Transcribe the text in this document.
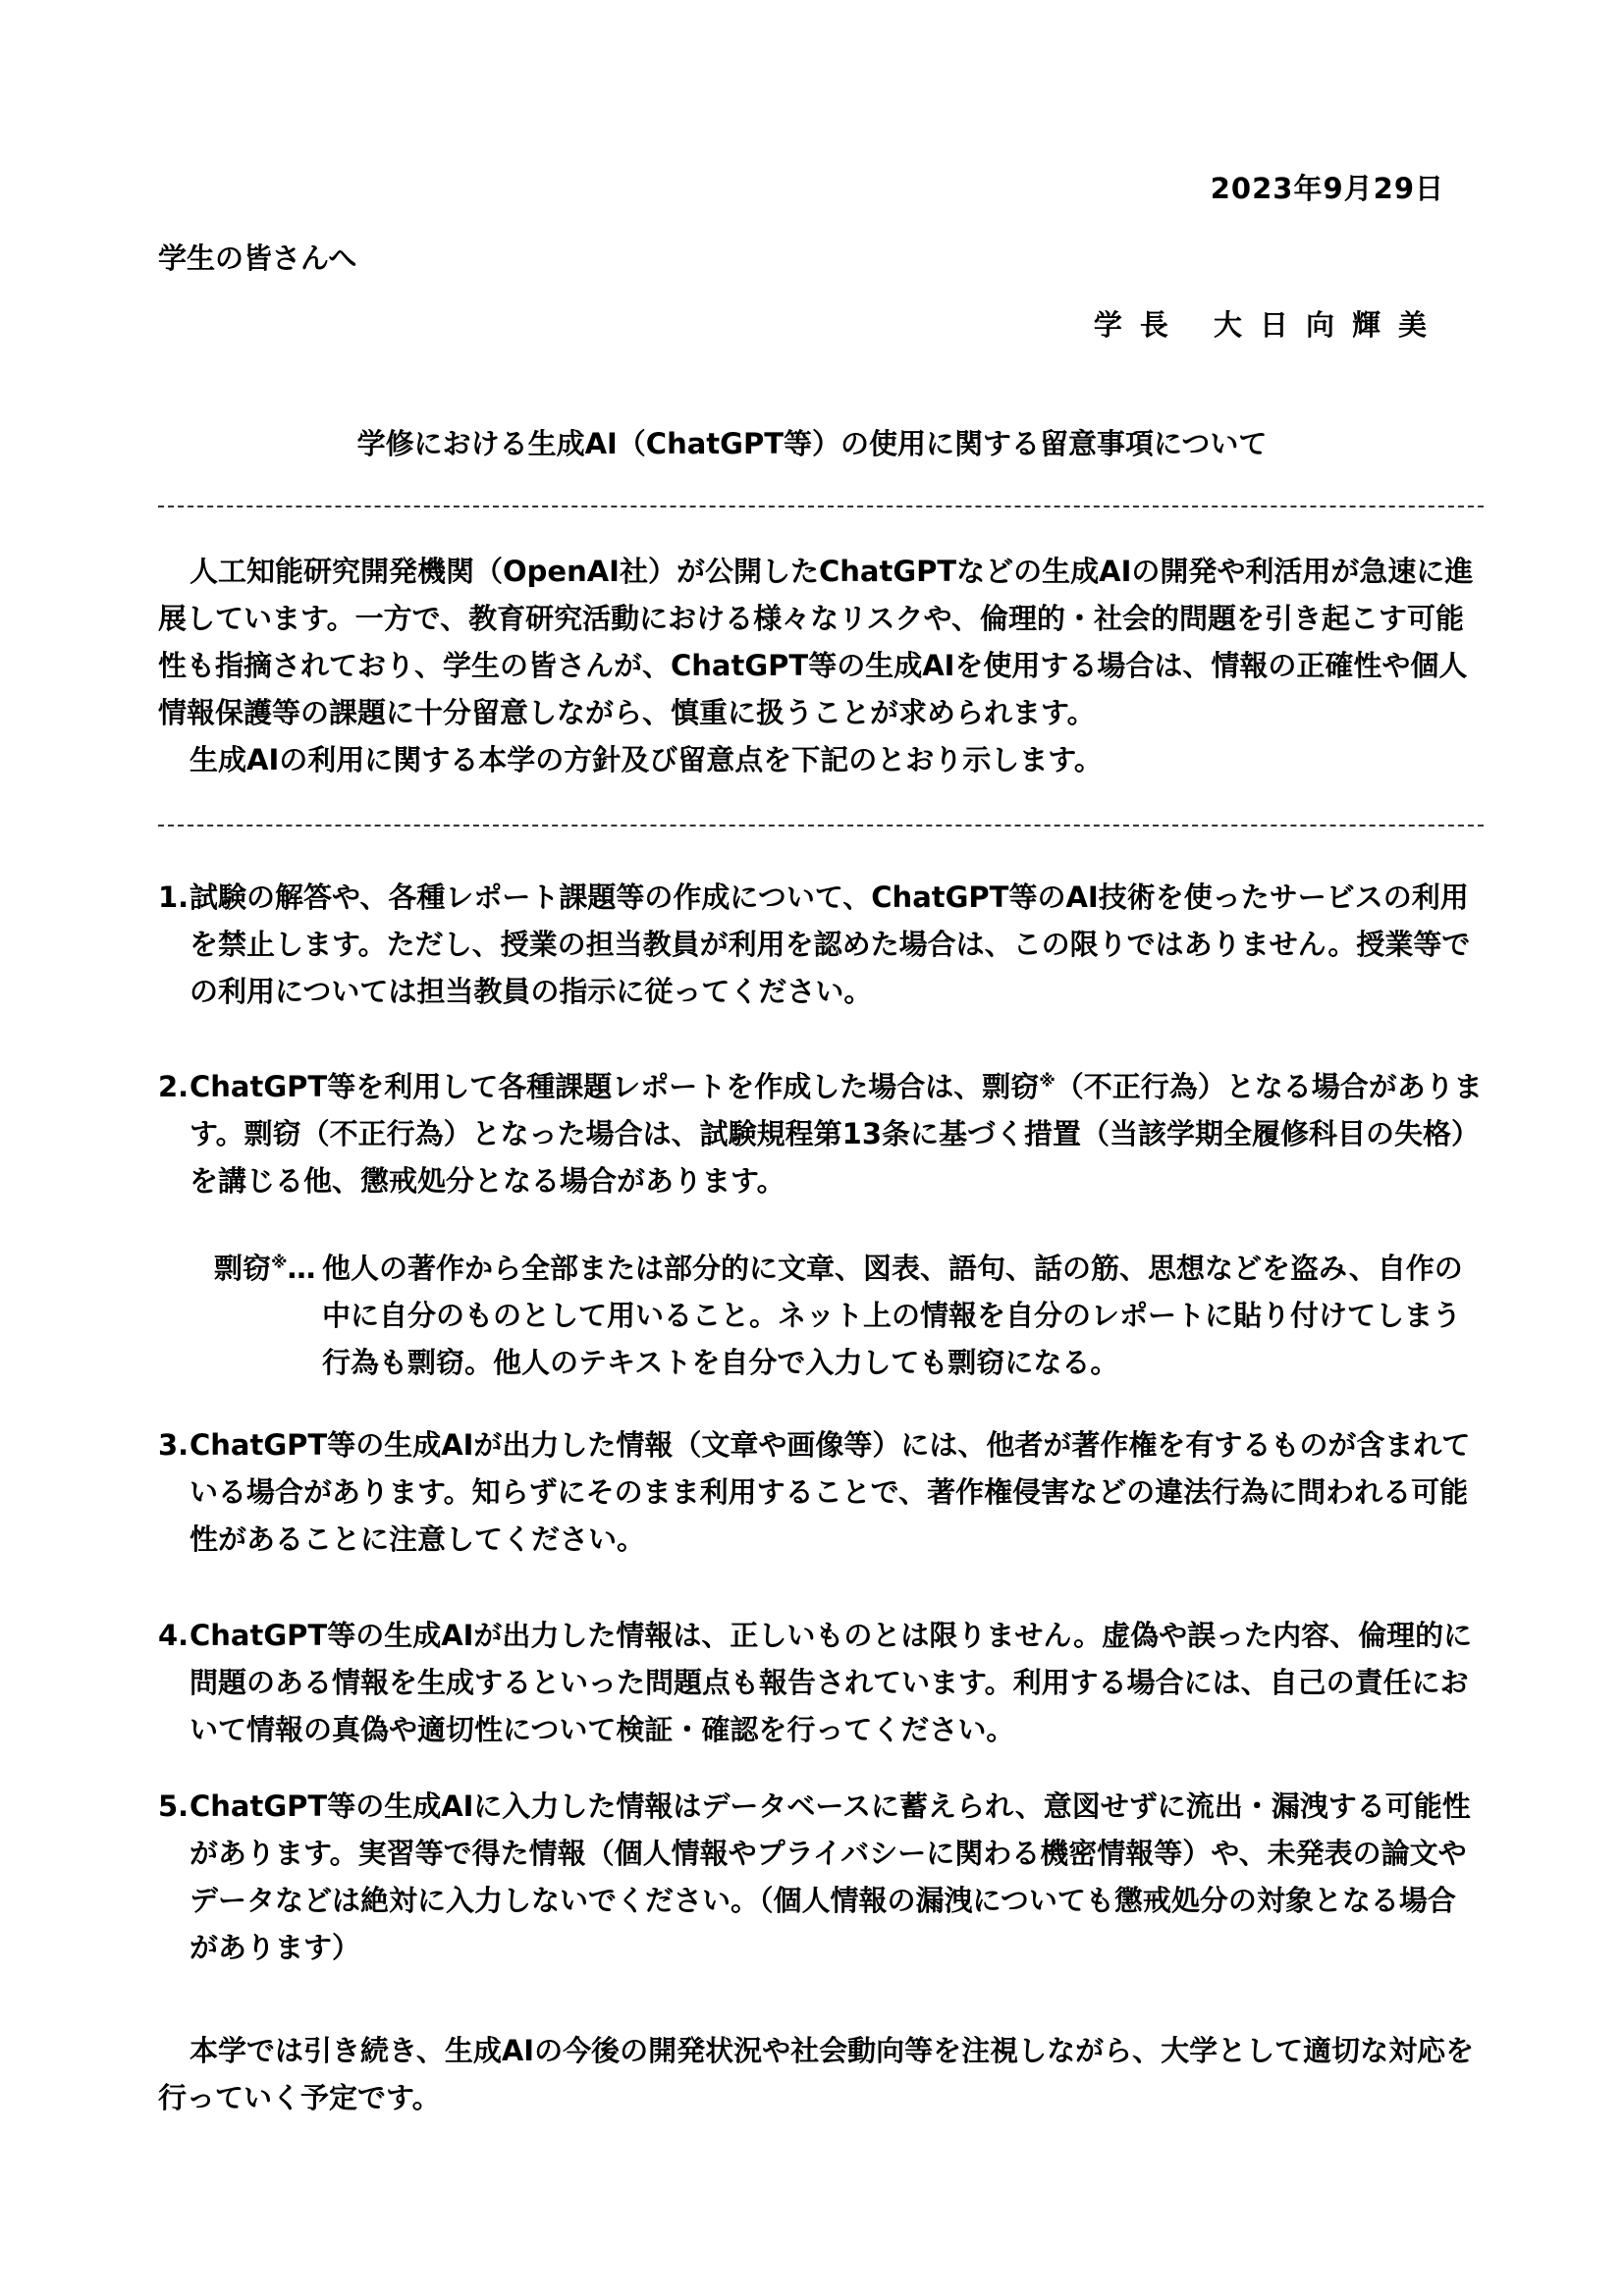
2023年9月29日
学生の皆さんへ
学長 大日向輝美
学修における生成AI（ChatGPT等）の使用に関する留意事項について

人工知能研究開発機関（OpenAI社）が公開したChatGPTなどの生成AIの開発や利活用が急速に進展しています。一方で、教育研究活動における様々なリスクや、倫理的・社会的問題を引き起こす可能性も指摘されており、学生の皆さんが、ChatGPT等の生成AIを使用する場合は、情報の正確性や個人情報保護等の課題に十分留意しながら、慎重に扱うことが求められます。

生成AIの利用に関する本学の方針及び留意点を下記のとおり示します。

1. 試験の解答や、各種レポート課題等の作成について、ChatGPT等のAI技術を使ったサービスの利用を禁止します。ただし、授業の担当教員が利用を認めた場合は、この限りではありません。授業等での利用については担当教員の指示に従ってください。
2. ChatGPT等を利用して各種課題レポートを作成した場合は、剽窃※（不正行為）となる場合があります。剽窃（不正行為）となった場合は、試験規程第13条に基づく措置（当該学期全履修科目の失格）を講じる他、懲戒処分となる場合があります。
剽窃※… 他人の著作から全部または部分的に文章、図表、語句、話の筋、思想などを盗み、自作の中に自分のものとして用いること。ネット上の情報を自分のレポートに貼り付けてしまう行為も剽窃。他人のテキストを自分で入力しても剽窃になる。
3. ChatGPT等の生成AIが出力した情報（文章や画像等）には、他者が著作権を有するものが含まれている場合があります。知らずにそのまま利用することで、著作権侵害などの違法行為に問われる可能性があることに注意してください。
4. ChatGPT等の生成AIが出力した情報は、正しいものとは限りません。虚偽や誤った内容、倫理的に問題のある情報を生成するといった問題点も報告されています。利用する場合には、自己の責任において情報の真偽や適切性について検証・確認を行ってください。
5. ChatGPT等の生成AIに入力した情報はデータベースに蓄えられ、意図せずに流出・漏洩する可能性があります。実習等で得た情報（個人情報やプライバシーに関わる機密情報等）や、未発表の論文やデータなどは絶対に入力しないでください。（個人情報の漏洩についても懲戒処分の対象となる場合があります）
本学では引き続き、生成AIの今後の開発状況や社会動向等を注視しながら、大学として適切な対応を行っていく予定です。
